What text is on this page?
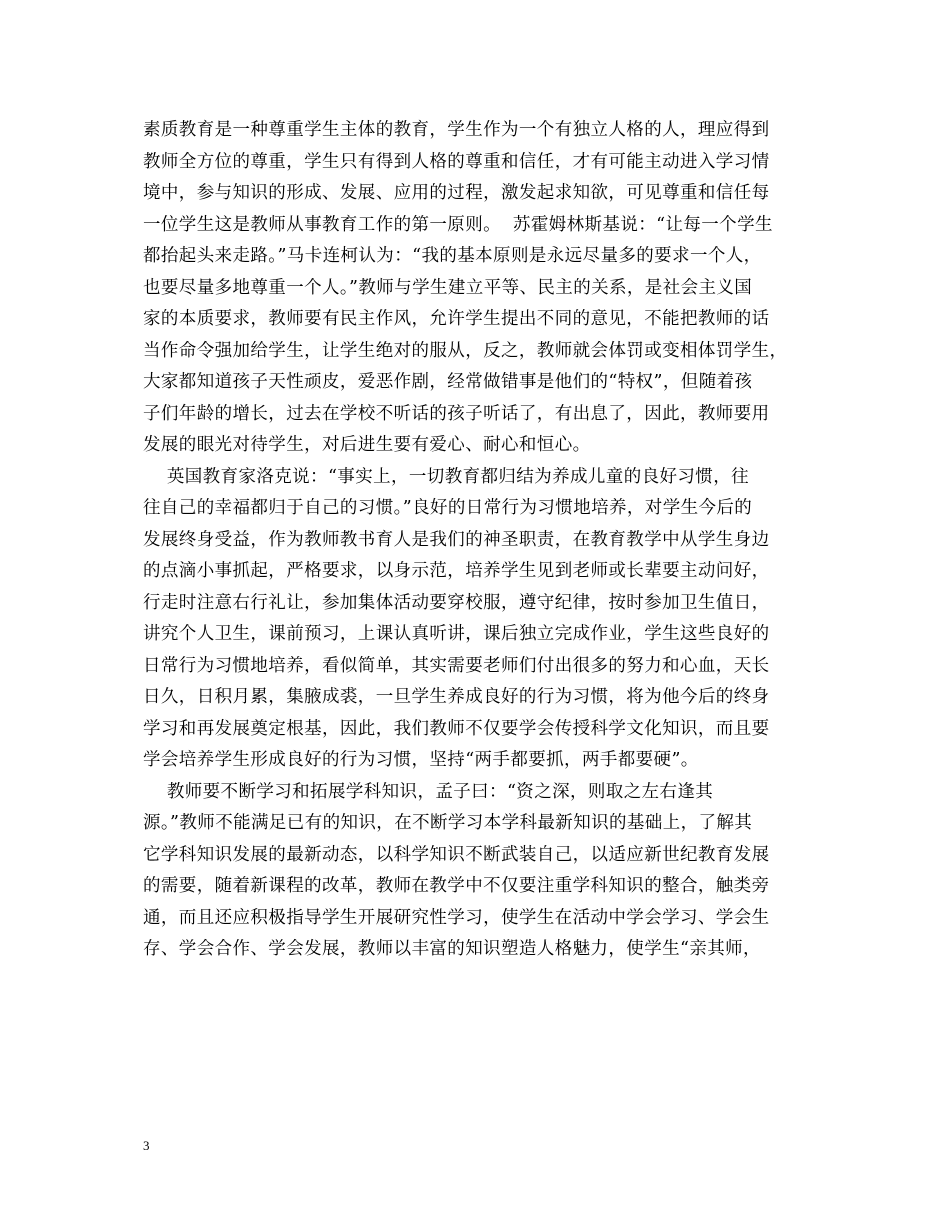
素质教育是一种尊重学生主体的教育，学生作为一个有独立人格的人，理应得到
教师全方位的尊重，学生只有得到人格的尊重和信任，才有可能主动进入学习情
境中，参与知识的形成、发展、应用的过程，激发起求知欲，可见尊重和信任每
一位学生这是教师从事教育工作的第一原则。  苏霍姆林斯基说：“让每一个学生
都抬起头来走路。”马卡连柯认为：“我的基本原则是永远尽量多的要求一个人，
也要尽量多地尊重一个人。”教师与学生建立平等、民主的关系，是社会主义国
家的本质要求，教师要有民主作风，允许学生提出不同的意见，不能把教师的话
当作命令强加给学生，让学生绝对的服从，反之，教师就会体罚或变相体罚学生，
大家都知道孩子天性顽皮，爱恶作剧，经常做错事是他们的“特权”，但随着孩
子们年龄的增长，过去在学校不听话的孩子听话了，有出息了，因此，教师要用
发展的眼光对待学生，对后进生要有爱心、耐心和恒心。

英国教育家洛克说：“事实上，一切教育都归结为养成儿童的良好习惯，往
往自己的幸福都归于自己的习惯。”良好的日常行为习惯地培养，对学生今后的
发展终身受益，作为教师教书育人是我们的神圣职责，在教育教学中从学生身边
的点滴小事抓起，严格要求，以身示范，培养学生见到老师或长辈要主动问好，
行走时注意右行礼让，参加集体活动要穿校服，遵守纪律，按时参加卫生值日，
讲究个人卫生，课前预习，上课认真听讲，课后独立完成作业，学生这些良好的
日常行为习惯地培养，看似简单，其实需要老师们付出很多的努力和心血，天长
日久，日积月累，集腋成裘，一旦学生养成良好的行为习惯，将为他今后的终身
学习和再发展奠定根基，因此，我们教师不仅要学会传授科学文化知识，而且要
学会培养学生形成良好的行为习惯，坚持“两手都要抓，两手都要硬”。

教师要不断学习和拓展学科知识，孟子曰：“资之深，则取之左右逢其
源。”教师不能满足已有的知识，在不断学习本学科最新知识的基础上，了解其
它学科知识发展的最新动态，以科学知识不断武装自己，以适应新世纪教育发展
的需要，随着新课程的改革，教师在教学中不仅要注重学科知识的整合，触类旁
通，而且还应积极指导学生开展研究性学习，使学生在活动中学会学习、学会生
存、学会合作、学会发展，教师以丰富的知识塑造人格魅力，使学生“亲其师，

3
